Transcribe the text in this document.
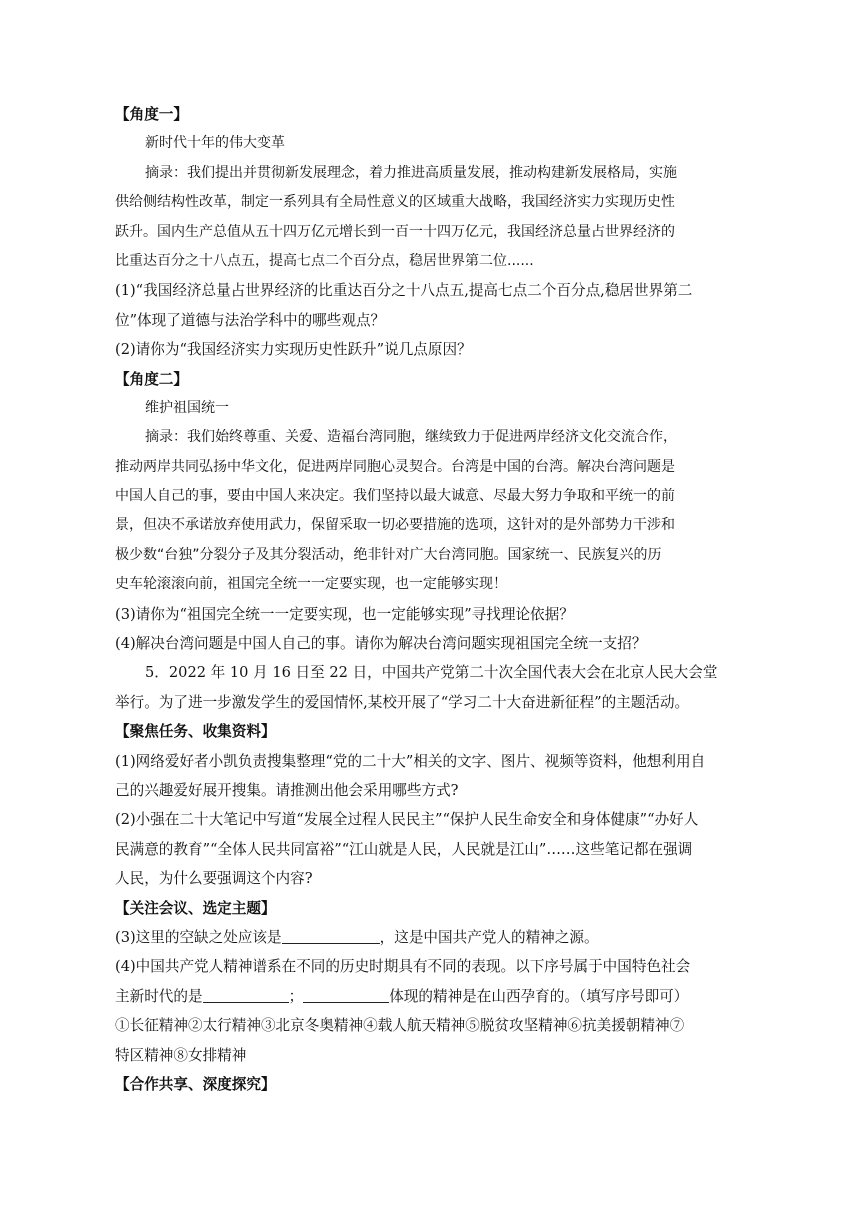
【角度一】
新时代十年的伟大变革
摘录：我们提出并贯彻新发展理念，着力推进高质量发展，推动构建新发展格局，实施
供给侧结构性改革，制定一系列具有全局性意义的区域重大战略，我国经济实力实现历史性
跃升。国内生产总值从五十四万亿元增长到一百一十四万亿元，我国经济总量占世界经济的
比重达百分之十八点五，提高七点二个百分点，稳居世界第二位......
(1)“我国经济总量占世界经济的比重达百分之十八点五,提高七点二个百分点,稳居世界第二
位”体现了道德与法治学科中的哪些观点？
(2)请你为“我国经济实力实现历史性跃升”说几点原因？
【角度二】
维护祖国统一
摘录：我们始终尊重、关爱、造福台湾同胞，继续致力于促进两岸经济文化交流合作，
推动两岸共同弘扬中华文化，促进两岸同胞心灵契合。台湾是中国的台湾。解决台湾问题是
中国人自己的事，要由中国人来决定。我们坚持以最大诚意、尽最大努力争取和平统一的前
景，但决不承诺放弃使用武力，保留采取一切必要措施的选项，这针对的是外部势力干涉和
极少数“台独”分裂分子及其分裂活动，绝非针对广大台湾同胞。国家统一、民族复兴的历
史车轮滚滚向前，祖国完全统一一定要实现，也一定能够实现！
(3)请你为“祖国完全统一一定要实现，也一定能够实现”寻找理论依据？
(4)解决台湾问题是中国人自己的事。请你为解决台湾问题实现祖国完全统一支招？
5．2022 年 10 月 16 日至 22 日，中国共产党第二十次全国代表大会在北京人民大会堂
举行。为了进一步激发学生的爱国情怀,某校开展了“学习二十大奋进新征程”的主题活动。
【聚焦任务、收集资料】
(1)网络爱好者小凯负责搜集整理“党的二十大”相关的文字、图片、视频等资料，他想利用自
己的兴趣爱好展开搜集。请推测出他会采用哪些方式?
(2)小强在二十大笔记中写道“发展全过程人民民主”“保护人民生命安全和身体健康”“办好人
民满意的教育”“全体人民共同富裕”“江山就是人民，人民就是江山”……这些笔记都在强调
人民，为什么要强调这个内容?
【关注会议、选定主题】
(3)这里的空缺之处应该是	，这是中国共产党人的精神之源。
(4)中国共产党人精神谱系在不同的历史时期具有不同的表现。以下序号属于中国特色社会
主新时代的是	；	体现的精神是在山西孕育的。（填写序号即可）
①长征精神②太行精神③北京冬奥精神④载人航天精神⑤脱贫攻坚精神⑥抗美援朝精神⑦
特区精神⑧女排精神
【合作共享、深度探究】
